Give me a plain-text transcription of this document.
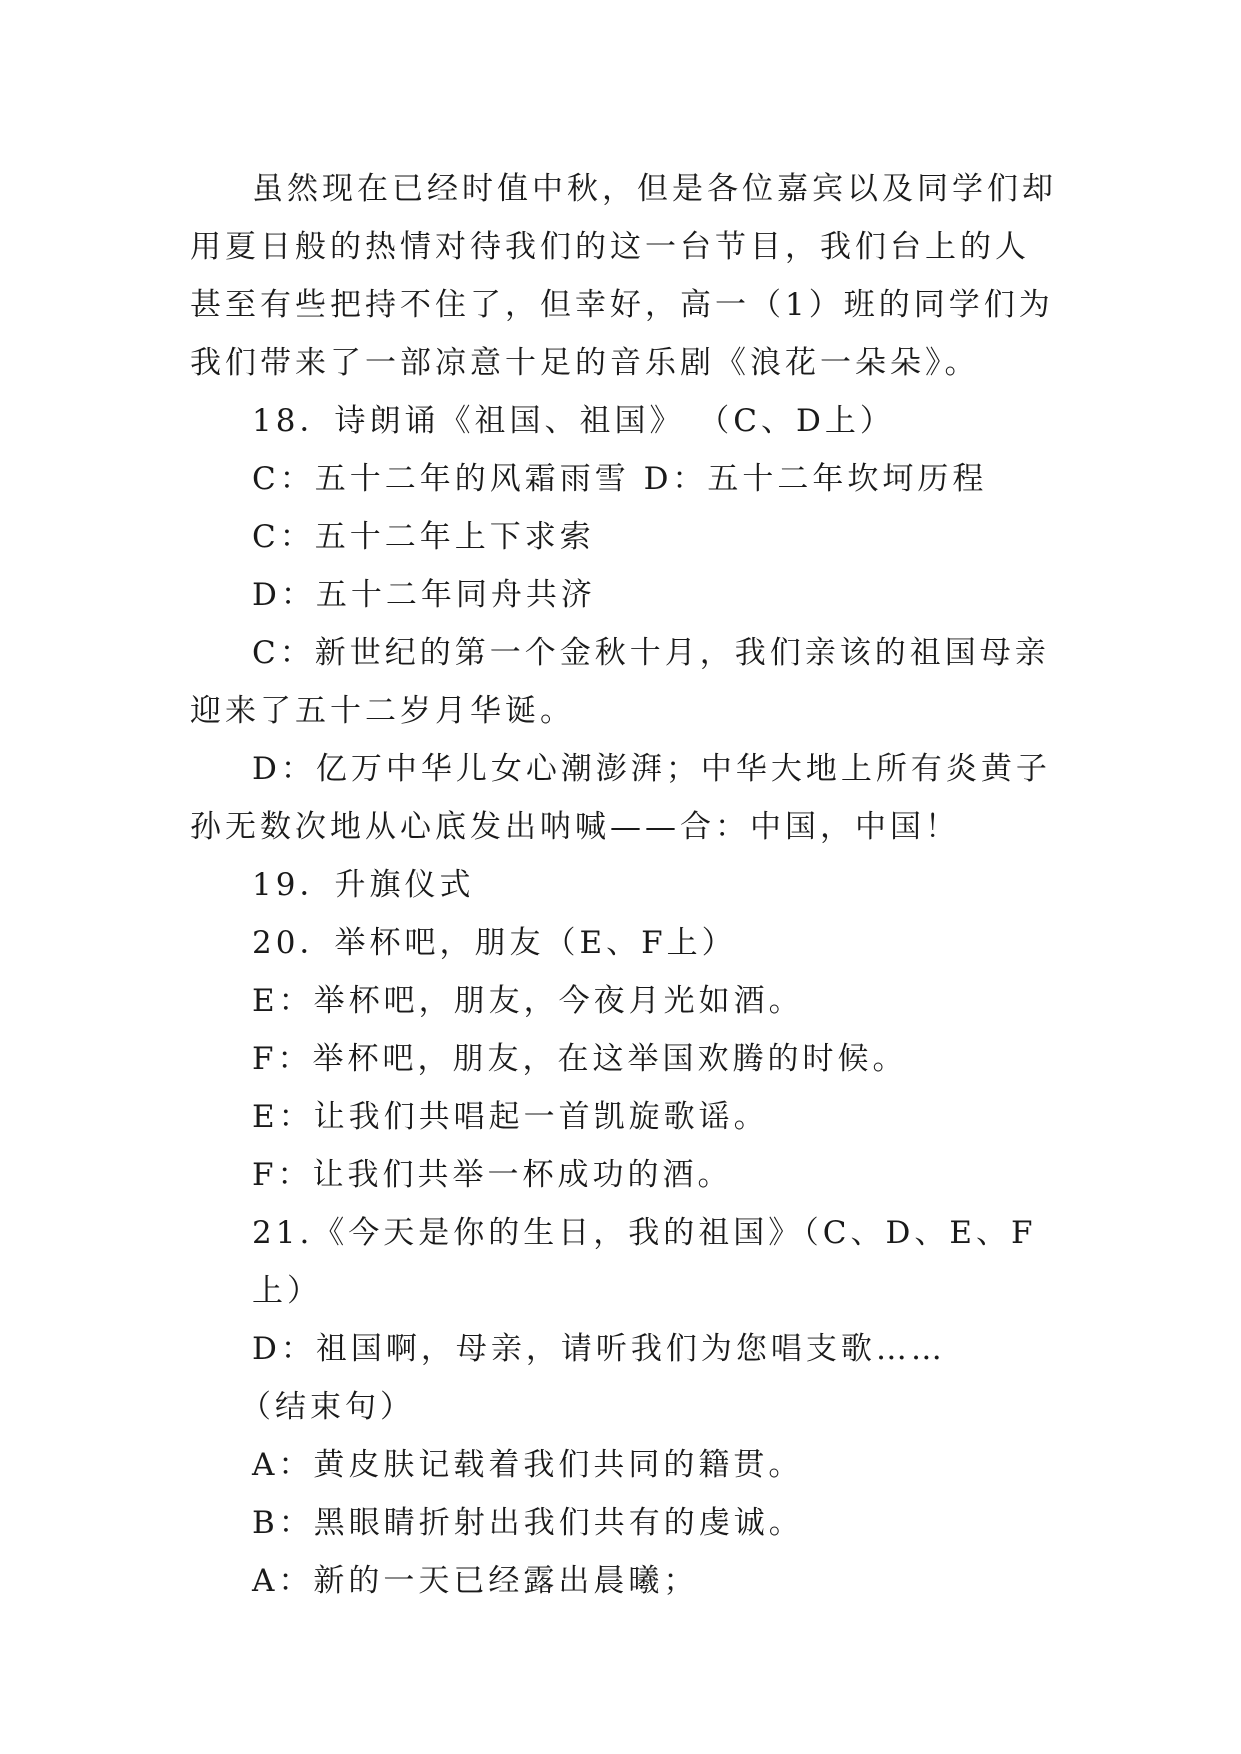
虽然现在已经时值中秋，但是各位嘉宾以及同学们却用夏日般的热情对待我们的这一台节目，我们台上的人甚至有些把持不住了，但幸好，高一（1）班的同学们为我们带来了一部凉意十足的音乐剧《浪花一朵朵》。

18．诗朗诵《祖国、祖国》 （C、D上）

C：五十二年的风霜雨雪 D：五十二年坎坷历程

C：五十二年上下求索

D：五十二年同舟共济

C：新世纪的第一个金秋十月，我们亲该的祖国母亲迎来了五十二岁月华诞。

D：亿万中华儿女心潮澎湃；中华大地上所有炎黄子孙无数次地从心底发出呐喊——合：中国，中国！

19．升旗仪式

20．举杯吧，朋友（E、F上）

E：举杯吧，朋友，今夜月光如酒。

F：举杯吧，朋友，在这举国欢腾的时候。

E：让我们共唱起一首凯旋歌谣。

F：让我们共举一杯成功的酒。

21.《今天是你的生日，我的祖国》（C、D、E、F上）

D：祖国啊，母亲，请听我们为您唱支歌……

（结束句）

A：黄皮肤记载着我们共同的籍贯。

B：黑眼睛折射出我们共有的虔诚。

A：新的一天已经露出晨曦；
